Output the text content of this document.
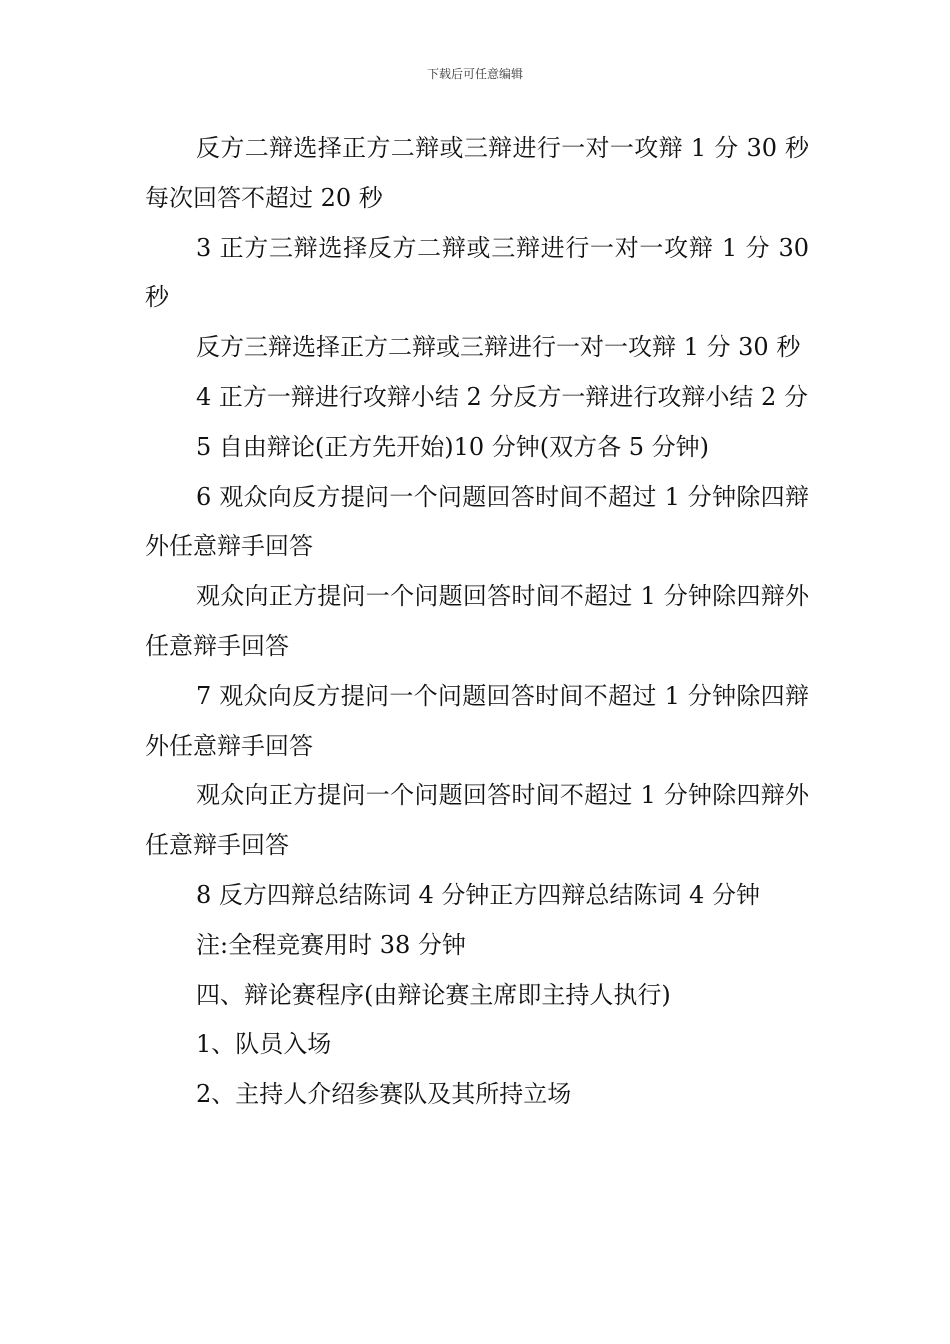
下载后可任意编辑

反方二辩选择正方二辩或三辩进行一对一攻辩 1 分 30 秒每次回答不超过 20 秒

3 正方三辩选择反方二辩或三辩进行一对一攻辩 1 分 30 秒

反方三辩选择正方二辩或三辩进行一对一攻辩 1 分 30 秒

4 正方一辩进行攻辩小结 2 分反方一辩进行攻辩小结 2 分

5 自由辩论(正方先开始)10 分钟(双方各 5 分钟)

6 观众向反方提问一个问题回答时间不超过 1 分钟除四辩外任意辩手回答

观众向正方提问一个问题回答时间不超过 1 分钟除四辩外任意辩手回答

7 观众向反方提问一个问题回答时间不超过 1 分钟除四辩外任意辩手回答

观众向正方提问一个问题回答时间不超过 1 分钟除四辩外任意辩手回答

8 反方四辩总结陈词 4 分钟正方四辩总结陈词 4 分钟

注:全程竞赛用时 38 分钟

四、辩论赛程序(由辩论赛主席即主持人执行)

1、队员入场

2、主持人介绍参赛队及其所持立场
